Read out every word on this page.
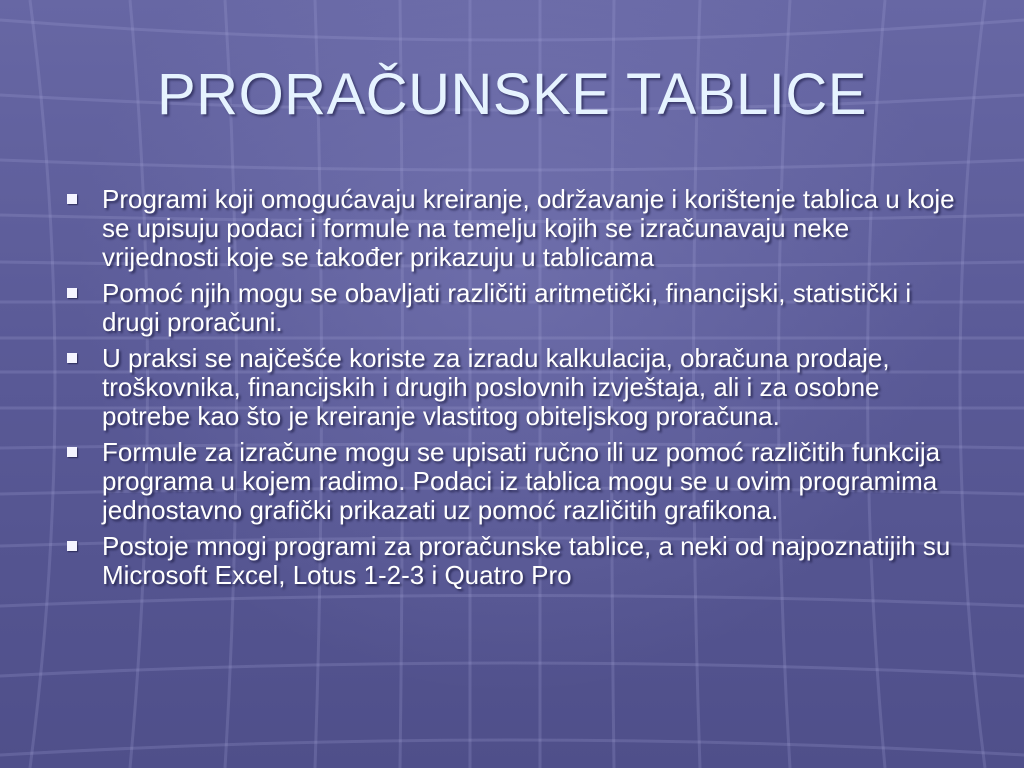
PRORAČUNSKE TABLICE
Programi koji omogućavaju kreiranje, održavanje i korištenje tablica u koje se upisuju podaci i formule na temelju kojih se izračunavaju neke vrijednosti koje se također prikazuju u tablicama
Pomoć njih mogu se obavljati različiti aritmetički, financijski, statistički i drugi proračuni.
U praksi se najčešće koriste za izradu kalkulacija, obračuna prodaje, troškovnika, financijskih i drugih poslovnih izvještaja, ali i za osobne potrebe kao što je kreiranje vlastitog obiteljskog proračuna.
Formule za izračune mogu se upisati ručno ili uz pomoć različitih funkcija programa u kojem radimo. Podaci iz tablica mogu se u ovim programima jednostavno grafički prikazati uz pomoć različitih grafikona.
Postoje mnogi programi za proračunske tablice, a neki od najpoznatijih su Microsoft Excel, Lotus 1-2-3 i Quatro Pro
